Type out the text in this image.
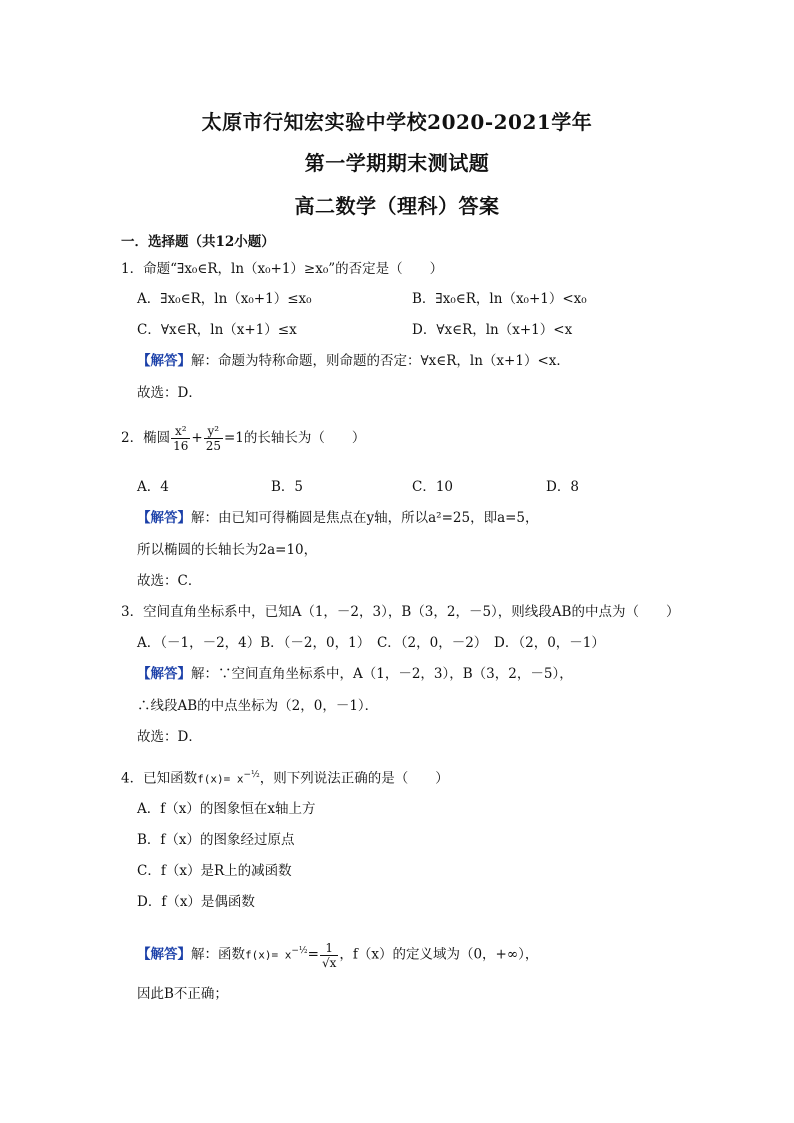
太原市行知宏实验中学校2020-2021学年
第一学期期末测试题
高二数学（理科）答案
一．选择题（共12小题）
1．命题“∃x₀∈R，ln（x₀+1）≥x₀”的否定是（　　）
A．∃x₀∈R，ln（x₀+1）≤x₀	B．∃x₀∈R，ln（x₀+1）<x₀
C．∀x∈R，ln（x+1）≤x	D．∀x∈R，ln（x+1）<x
【解答】解：命题为特称命题，则命题的否定：∀x∈R，ln（x+1）<x．
故选：D．
2．椭圆 $\frac{\text{x²}}{16} + \frac{\text{y²}}{25} =1$的长轴长为（　　）
A．4	B．5	C．10	D．8
【解答】解：由已知可得椭圆是焦点在y轴，所以a²=25，即a=5，
所以椭圆的长轴长为2a=10，
故选：C．
3．空间直角坐标系中，已知A（1，－2，3），B（3，2，－5），则线段AB的中点为（　　）
A．（－1，－2，4）B．（－2，0，1）　C．（2，0，－2）　D．（2，0，－1）
【解答】解：∵空间直角坐标系中，A（1，－2，3），B（3，2，－5），
∴线段AB的中点坐标为（2，0，－1）．
故选：D．
4．已知函数$f(x)= x^{-\frac{1}{2}}$，则下列说法正确的是（　　）
A．f（x）的图象恒在x轴上方
B．f（x）的图象经过原点
C．f（x）是R上的减函数
D．f（x）是偶函数
【解答】解：函数$f(x)= x^{-\frac{1}{2}}= \frac{1}{√x}$ ，f（x）的定义域为（0，+∞），
因此B不正确；
